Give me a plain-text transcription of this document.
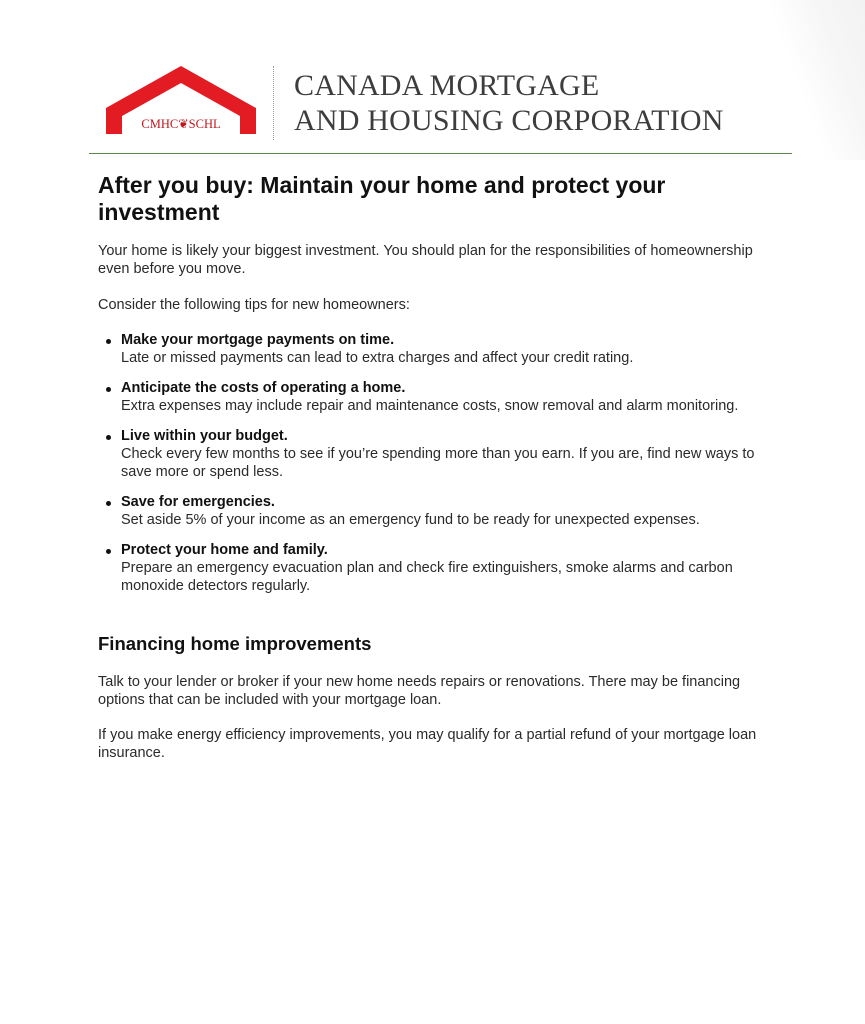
CMHC❦SCHL
CANADA MORTGAGE
AND HOUSING CORPORATION
After you buy: Maintain your home and protect your investment

Your home is likely your biggest investment. You should plan for the responsibilities of homeownership even before you move.

Consider the following tips for new homeowners:

Make your mortgage payments on time.
Late or missed payments can lead to extra charges and affect your credit rating.
Anticipate the costs of operating a home.
Extra expenses may include repair and maintenance costs, snow removal and alarm monitoring.
Live within your budget.
Check every few months to see if you’re spending more than you earn. If you are, find new ways to save more or spend less.
Save for emergencies.
Set aside 5% of your income as an emergency fund to be ready for unexpected expenses.
Protect your home and family.
Prepare an emergency evacuation plan and check fire extinguishers, smoke alarms and carbon monoxide detectors regularly.
Financing home improvements

Talk to your lender or broker if your new home needs repairs or renovations. There may be financing options that can be included with your mortgage loan.

If you make energy efficiency improvements, you may qualify for a partial refund of your mortgage loan insurance.
